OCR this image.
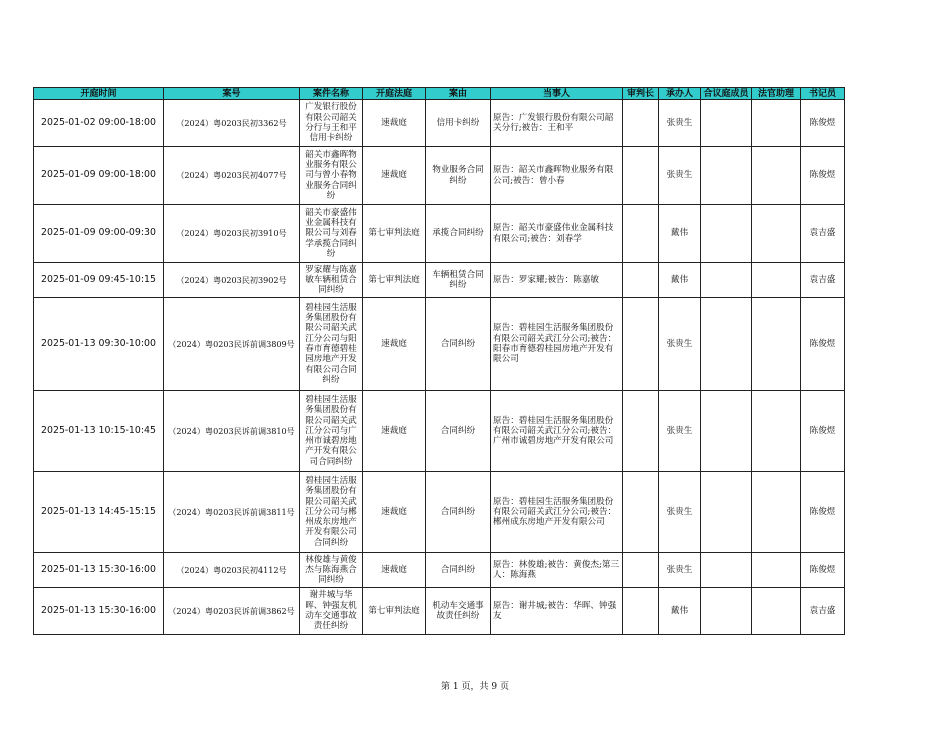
开庭时间	案号	案件名称	开庭法庭	案由	当事人	审判长	承办人	合议庭成员	法官助理	书记员
2025-01-02 09:00-18:00	（2024）粤0203民初3362号	广发银行股份有限公司韶关分行与王和平信用卡纠纷	速裁庭	信用卡纠纷	原告：广发银行股份有限公司韶关分行;被告：王和平		张贵生			陈俊煜
2025-01-09 09:00-18:00	（2024）粤0203民初4077号	韶关市鑫晖物业服务有限公司与曾小春物业服务合同纠纷	速裁庭	物业服务合同纠纷	原告：韶关市鑫晖物业服务有限公司;被告：曾小春		张贵生			陈俊煜
2025-01-09 09:00-09:30	（2024）粤0203民初3910号	韶关市豪盛伟业金属科技有限公司与刘春学承揽合同纠纷	第七审判法庭	承揽合同纠纷	原告：韶关市豪盛伟业金属科技有限公司;被告：刘春学		戴伟			袁吉盛
2025-01-09 09:45-10:15	（2024）粤0203民初3902号	罗家耀与陈嘉敏车辆租赁合同纠纷	第七审判法庭	车辆租赁合同纠纷	原告：罗家耀;被告：陈嘉敏		戴伟			袁吉盛
2025-01-13 09:30-10:00	（2024）粤0203民诉前调3809号	碧桂园生活服务集团股份有限公司韶关武江分公司与阳春市育德碧桂园房地产开发有限公司合同纠纷	速裁庭	合同纠纷	原告：碧桂园生活服务集团股份有限公司韶关武江分公司;被告：阳春市育德碧桂园房地产开发有限公司		张贵生			陈俊煜
2025-01-13 10:15-10:45	（2024）粤0203民诉前调3810号	碧桂园生活服务集团股份有限公司韶关武江分公司与广州市诚碧房地产开发有限公司合同纠纷	速裁庭	合同纠纷	原告：碧桂园生活服务集团股份有限公司韶关武江分公司;被告：广州市诚碧房地产开发有限公司		张贵生			陈俊煜
2025-01-13 14:45-15:15	（2024）粤0203民诉前调3811号	碧桂园生活服务集团股份有限公司韶关武江分公司与郴州成东房地产开发有限公司合同纠纷	速裁庭	合同纠纷	原告：碧桂园生活服务集团股份有限公司韶关武江分公司;被告：郴州成东房地产开发有限公司		张贵生			陈俊煜
2025-01-13 15:30-16:00	（2024）粤0203民初4112号	林俊雄与黄俊杰与陈海燕合同纠纷	速裁庭	合同纠纷	原告：林俊雄;被告：黄俊杰;第三人：陈海燕		张贵生			陈俊煜
2025-01-13 15:30-16:00	（2024）粤0203民诉前调3862号	谢井城与华晖、钟强友机动车交通事故责任纠纷	第七审判法庭	机动车交通事故责任纠纷	原告：谢井城;被告：华晖、钟强友		戴伟			袁吉盛
第 1 页，共 9 页
